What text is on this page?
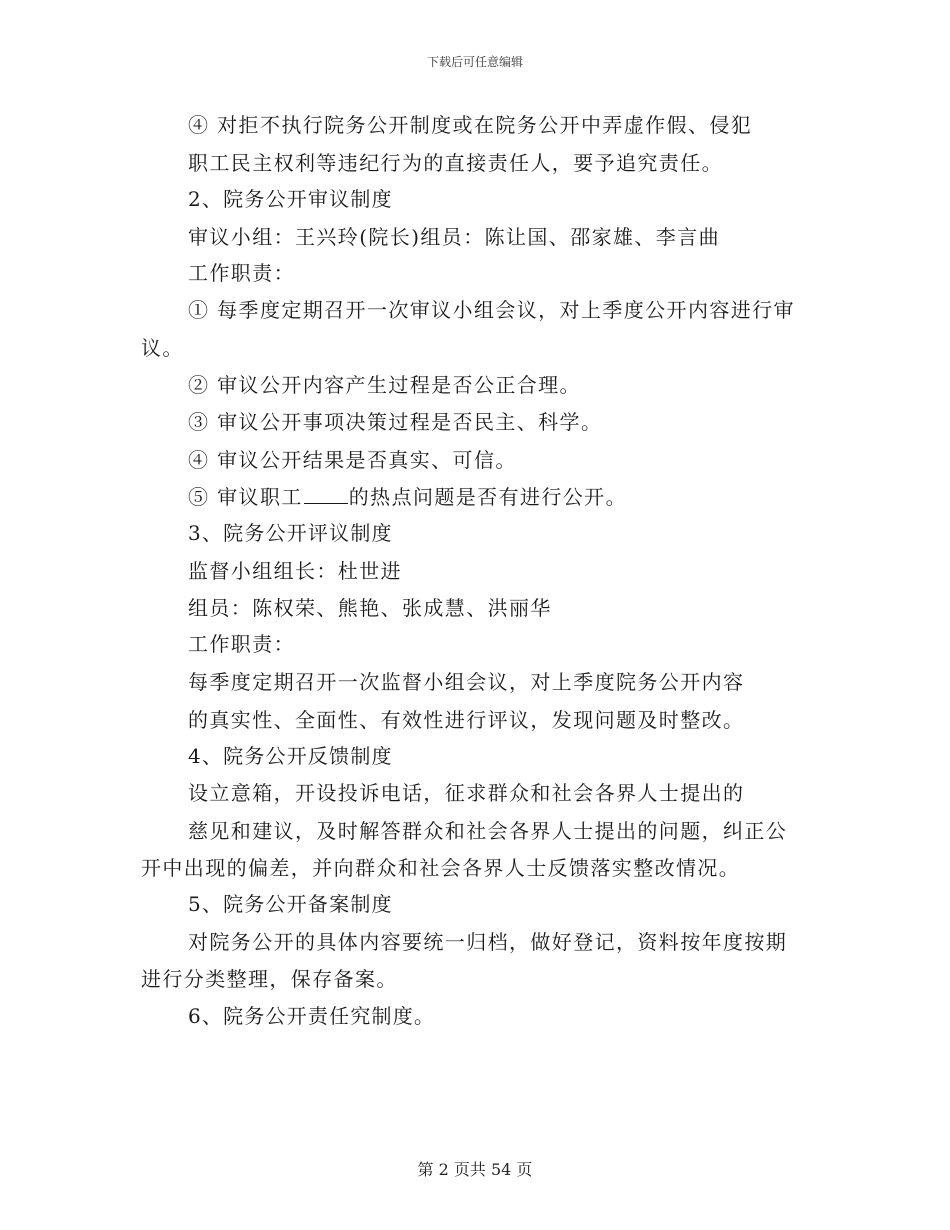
下载后可任意编辑
④ 对拒不执行院务公开制度或在院务公开中弄虚作假、侵犯
职工民主权利等违纪行为的直接责任人，要予追究责任。
2、院务公开审议制度
审议小组：王兴玲(院长)组员：陈让国、邵家雄、李言曲
工作职责：
① 每季度定期召开一次审议小组会议，对上季度公开内容进行审
议。
② 审议公开内容产生过程是否公正合理。
③ 审议公开事项决策过程是否民主、科学。
④ 审议公开结果是否真实、可信。
⑤ 审议职工 的热点问题是否有进行公开。
3、院务公开评议制度
监督小组组长：杜世进
组员：陈权荣、熊艳、张成慧、洪丽华
工作职责：
每季度定期召开一次监督小组会议，对上季度院务公开内容
的真实性、全面性、有效性进行评议，发现问题及时整改。
4、院务公开反馈制度
设立意箱，开设投诉电话，征求群众和社会各界人士提出的
慈见和建议，及时解答群众和社会各界人士提出的问题，纠正公
开中出现的偏差，并向群众和社会各界人士反馈落实整改情况。
5、院务公开备案制度
对院务公开的具体内容要统一归档，做好登记，资料按年度按期
进行分类整理，保存备案。
6、院务公开责任究制度。
第 2 页共 54 页
